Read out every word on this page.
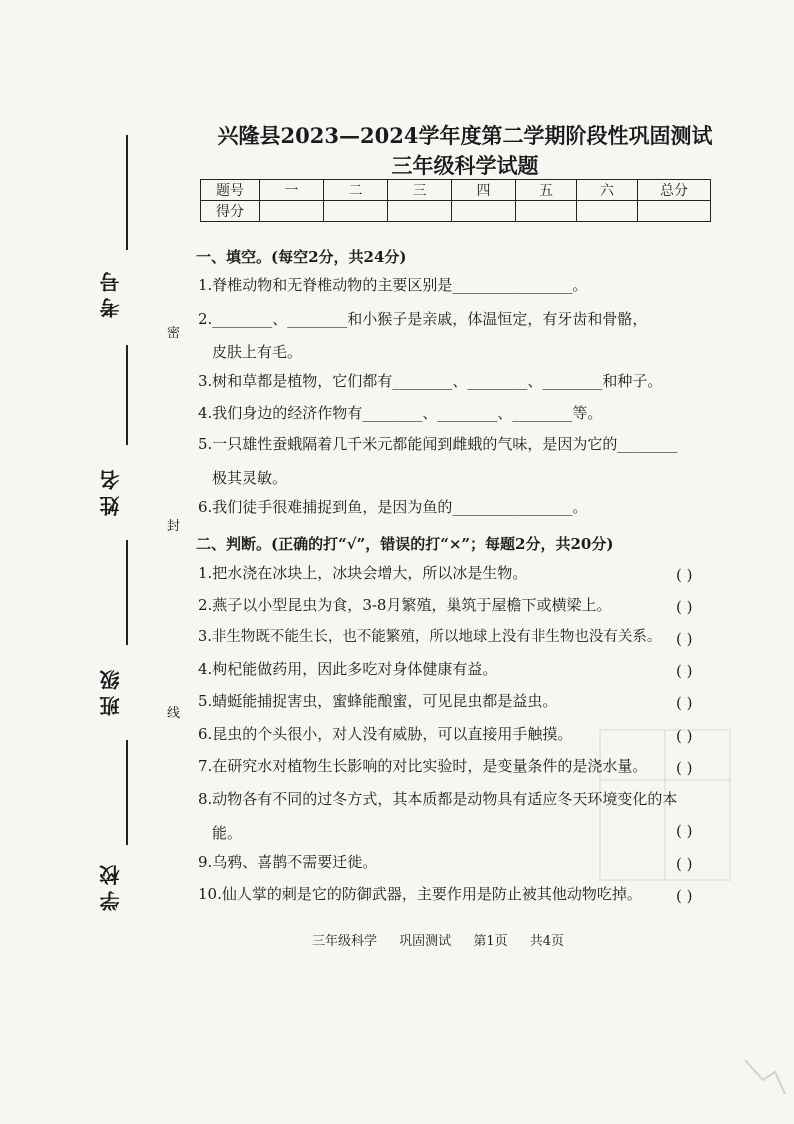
考号
姓名
班级
学校
密
封
线
兴隆县2023—2024学年度第二学期阶段性巩固测试
三年级科学试题
题号	一	二	三	四	五	六	总分
得分							
一、填空。(每空2分，共24分)
1.脊椎动物和无脊椎动物的主要区别是________________。
2.________、________和小猴子是亲戚，体温恒定，有牙齿和骨骼，
皮肤上有毛。
3.树和草都是植物，它们都有________、________、________和种子。
4.我们身边的经济作物有________、________、________等。
5.一只雄性蚕蛾隔着几千米元都能闻到雌蛾的气味，是因为它的________
极其灵敏。
6.我们徒手很难捕捉到鱼，是因为鱼的________________。
二、判断。(正确的打“√”，错误的打“×”；每题2分，共20分)
1.把水浇在冰块上，冰块会增大，所以冰是生物。	( )
2.燕子以小型昆虫为食，3-8月繁殖，巢筑于屋檐下或横梁上。	( )
3.非生物既不能生长，也不能繁殖，所以地球上没有非生物也没有关系。 ( )
4.枸杞能做药用，因此多吃对身体健康有益。	( )
5.蜻蜓能捕捉害虫，蜜蜂能酿蜜，可见昆虫都是益虫。	( )
6.昆虫的个头很小，对人没有威胁，可以直接用手触摸。	( )
7.在研究水对植物生长影响的对比实验时，是变量条件的是浇水量。 ( )
8.动物各有不同的过冬方式，其本质都是动物具有适应冬天环境变化的本
能。	( )
9.乌鸦、喜鹊不需要迁徙。	( )
10.仙人掌的刺是它的防御武器，主要作用是防止被其他动物吃掉。 ( )
三年级科学 巩固测试 第1页 共4页
